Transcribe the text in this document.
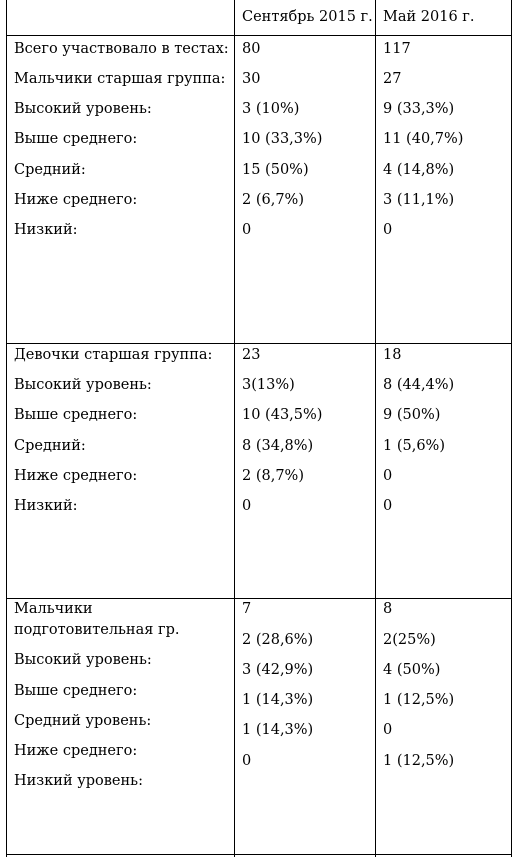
Сентябрь 2015 г. Май 2016 г.
Всего участвовало в тестах:
Мальчики старшая группа:
Высокий уровень:
Выше среднего:
Средний:
Ниже среднего:
Низкий:
80
30
3 (10%)
10 (33,3%)
15 (50%)
2 (6,7%)
0
117
27
9 (33,3%)
11 (40,7%)
4 (14,8%)
3 (11,1%)
0
Девочки старшая группа:
Высокий уровень:
Выше среднего:
Средний:
Ниже среднего:
Низкий:
23
3(13%)
10 (43,5%)
8 (34,8%)
2 (8,7%)
0
18
8 (44,4%)
9 (50%)
1 (5,6%)
0
0
Мальчики
подготовительная гр.
Высокий уровень:
Выше среднего:
Средний уровень:
Ниже среднего:
Низкий уровень:
7
2 (28,6%)
3 (42,9%)
1 (14,3%)
1 (14,3%)
0
8
2(25%)
4 (50%)
1 (12,5%)
0
1 (12,5%)
